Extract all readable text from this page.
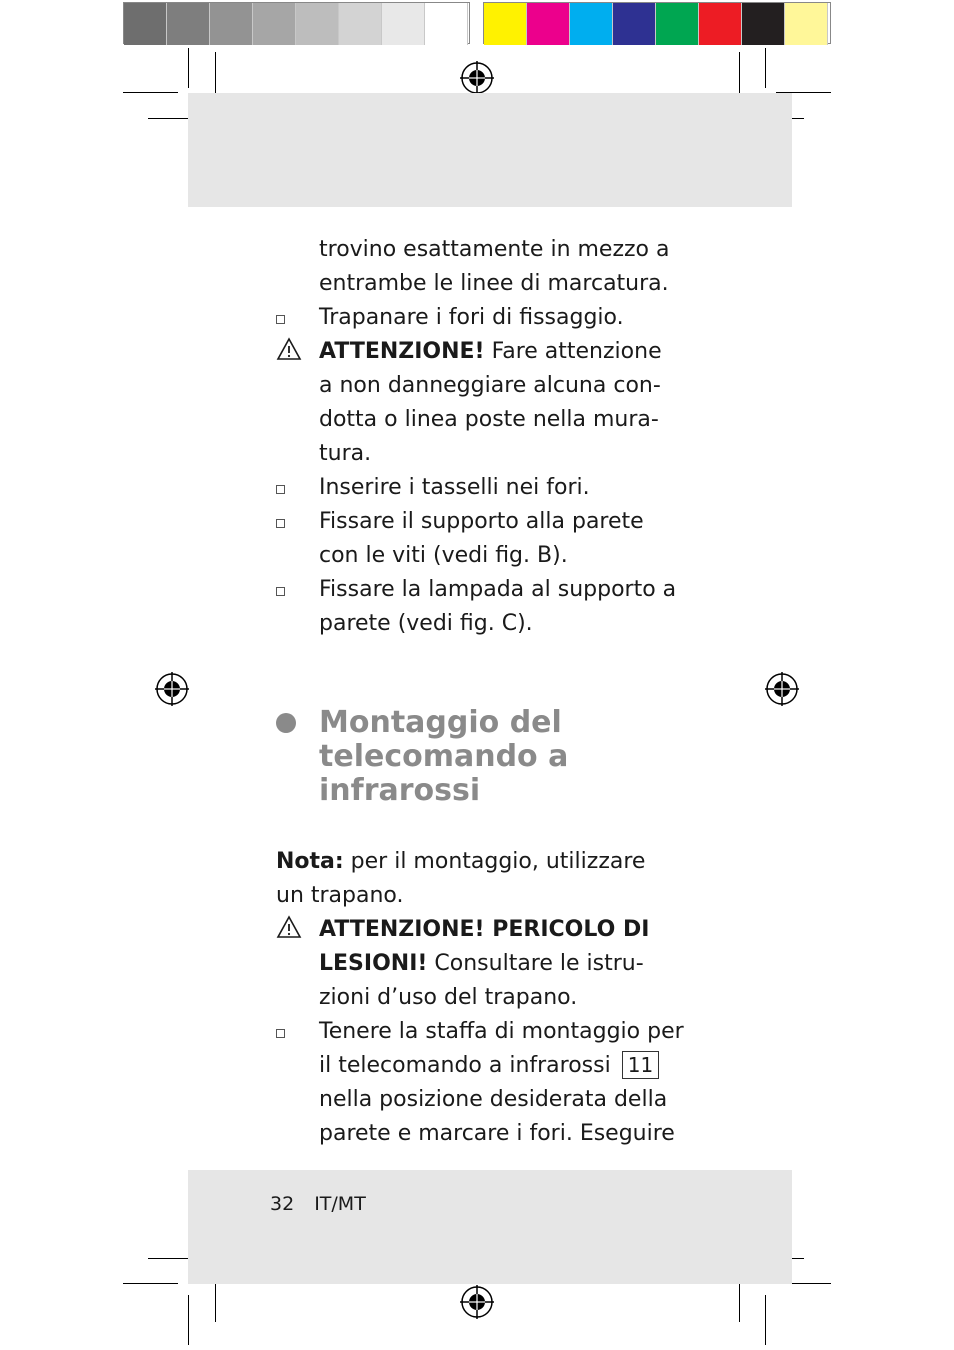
trovino esattamente in mezzo a
entrambe le linee di marcatura.
Trapanare i fori di fissaggio.
ATTENZIONE! Fare attenzione
a non danneggiare alcuna con-
dotta o linea poste nella mura-
tura.
Inserire i tasselli nei fori.
Fissare il supporto alla parete
con le viti (vedi fig. B).
Fissare la lampada al supporto a
parete (vedi fig. C).
Montaggio del
telecomando a
infrarossi
Nota: per il montaggio, utilizzare
un trapano.
ATTENZIONE! PERICOLO DI
LESIONI! Consultare le istru-
zioni d’uso del trapano.
Tenere la staffa di montaggio per
il telecomando a infrarossi 11
nella posizione desiderata della
parete e marcare i fori. Eseguire
32 IT/MT
